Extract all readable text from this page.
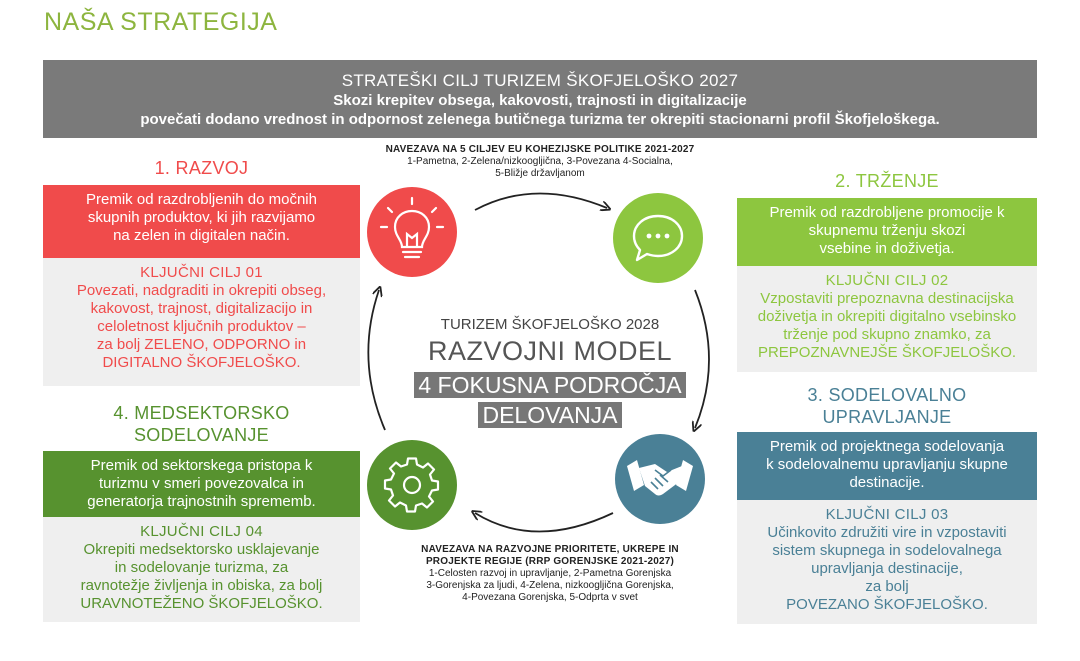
NAŠA STRATEGIJA
STRATEŠKI CILJ TURIZEM ŠKOFJELOŠKO 2027
Skozi krepitev obsega, kakovosti, trajnosti in digitalizacije
povečati dodano vrednost in odpornost zelenega butičnega turizma ter okrepiti stacionarni profil Škofjeloškega.
1. RAZVOJ
Premik od razdrobljenih do močnih
skupnih produktov, ki jih razvijamo
na zelen in digitalen način.
KLJUČNI CILJ 01
Povezati, nadgraditi in okrepiti obseg,
kakovost, trajnost, digitalizacijo in
celoletnost ključnih produktov –
za bolj ZELENO, ODPORNO in
DIGITALNO ŠKOFJELOŠKO.
4. MEDSEKTORSKO
SODELOVANJE
Premik od sektorskega pristopa k
turizmu v smeri povezovalca in
generatorja trajnostnih sprememb.
KLJUČNI CILJ 04
Okrepiti medsektorsko usklajevanje
in sodelovanje turizma, za
ravnotežje življenja in obiska, za bolj
URAVNOTEŽENO ŠKOFJELOŠKO.
2. TRŽENJE
Premik od razdrobljene promocije k
skupnemu trženju skozi
vsebine in doživetja.
KLJUČNI CILJ 02
Vzpostaviti prepoznavna destinacijska
doživetja in okrepiti digitalno vsebinsko
trženje pod skupno znamko, za
PREPOZNAVNEJŠE ŠKOFJELOŠKO.
3. SODELOVALNO
UPRAVLJANJE
Premik od projektnega sodelovanja
k sodelovalnemu upravljanju skupne
destinacije.
KLJUČNI CILJ 03
Učinkovito združiti vire in vzpostaviti
sistem skupnega in sodelovalnega
upravljanja destinacije,
za bolj
POVEZANO ŠKOFJELOŠKO.
NAVEZAVA NA 5 CILJEV EU KOHEZIJSKE POLITIKE 2021-2027
1-Pametna, 2-Zelena/nizkoogljična, 3-Povezana 4-Socialna,
5-Bližje državljanom
NAVEZAVA NA RAZVOJNE PRIORITETE, UKREPE IN
PROJEKTE REGIJE (RRP GORENJSKE 2021-2027)
1-Celosten razvoj in upravljanje, 2-Pametna Gorenjska
3-Gorenjska za ljudi, 4-Zelena, nizkoogljična Gorenjska,
4-Povezana Gorenjska, 5-Odprta v svet
TURIZEM ŠKOFJELOŠKO 2028
RAZVOJNI MODEL
4 FOKUSNA PODROČJA
DELOVANJA
